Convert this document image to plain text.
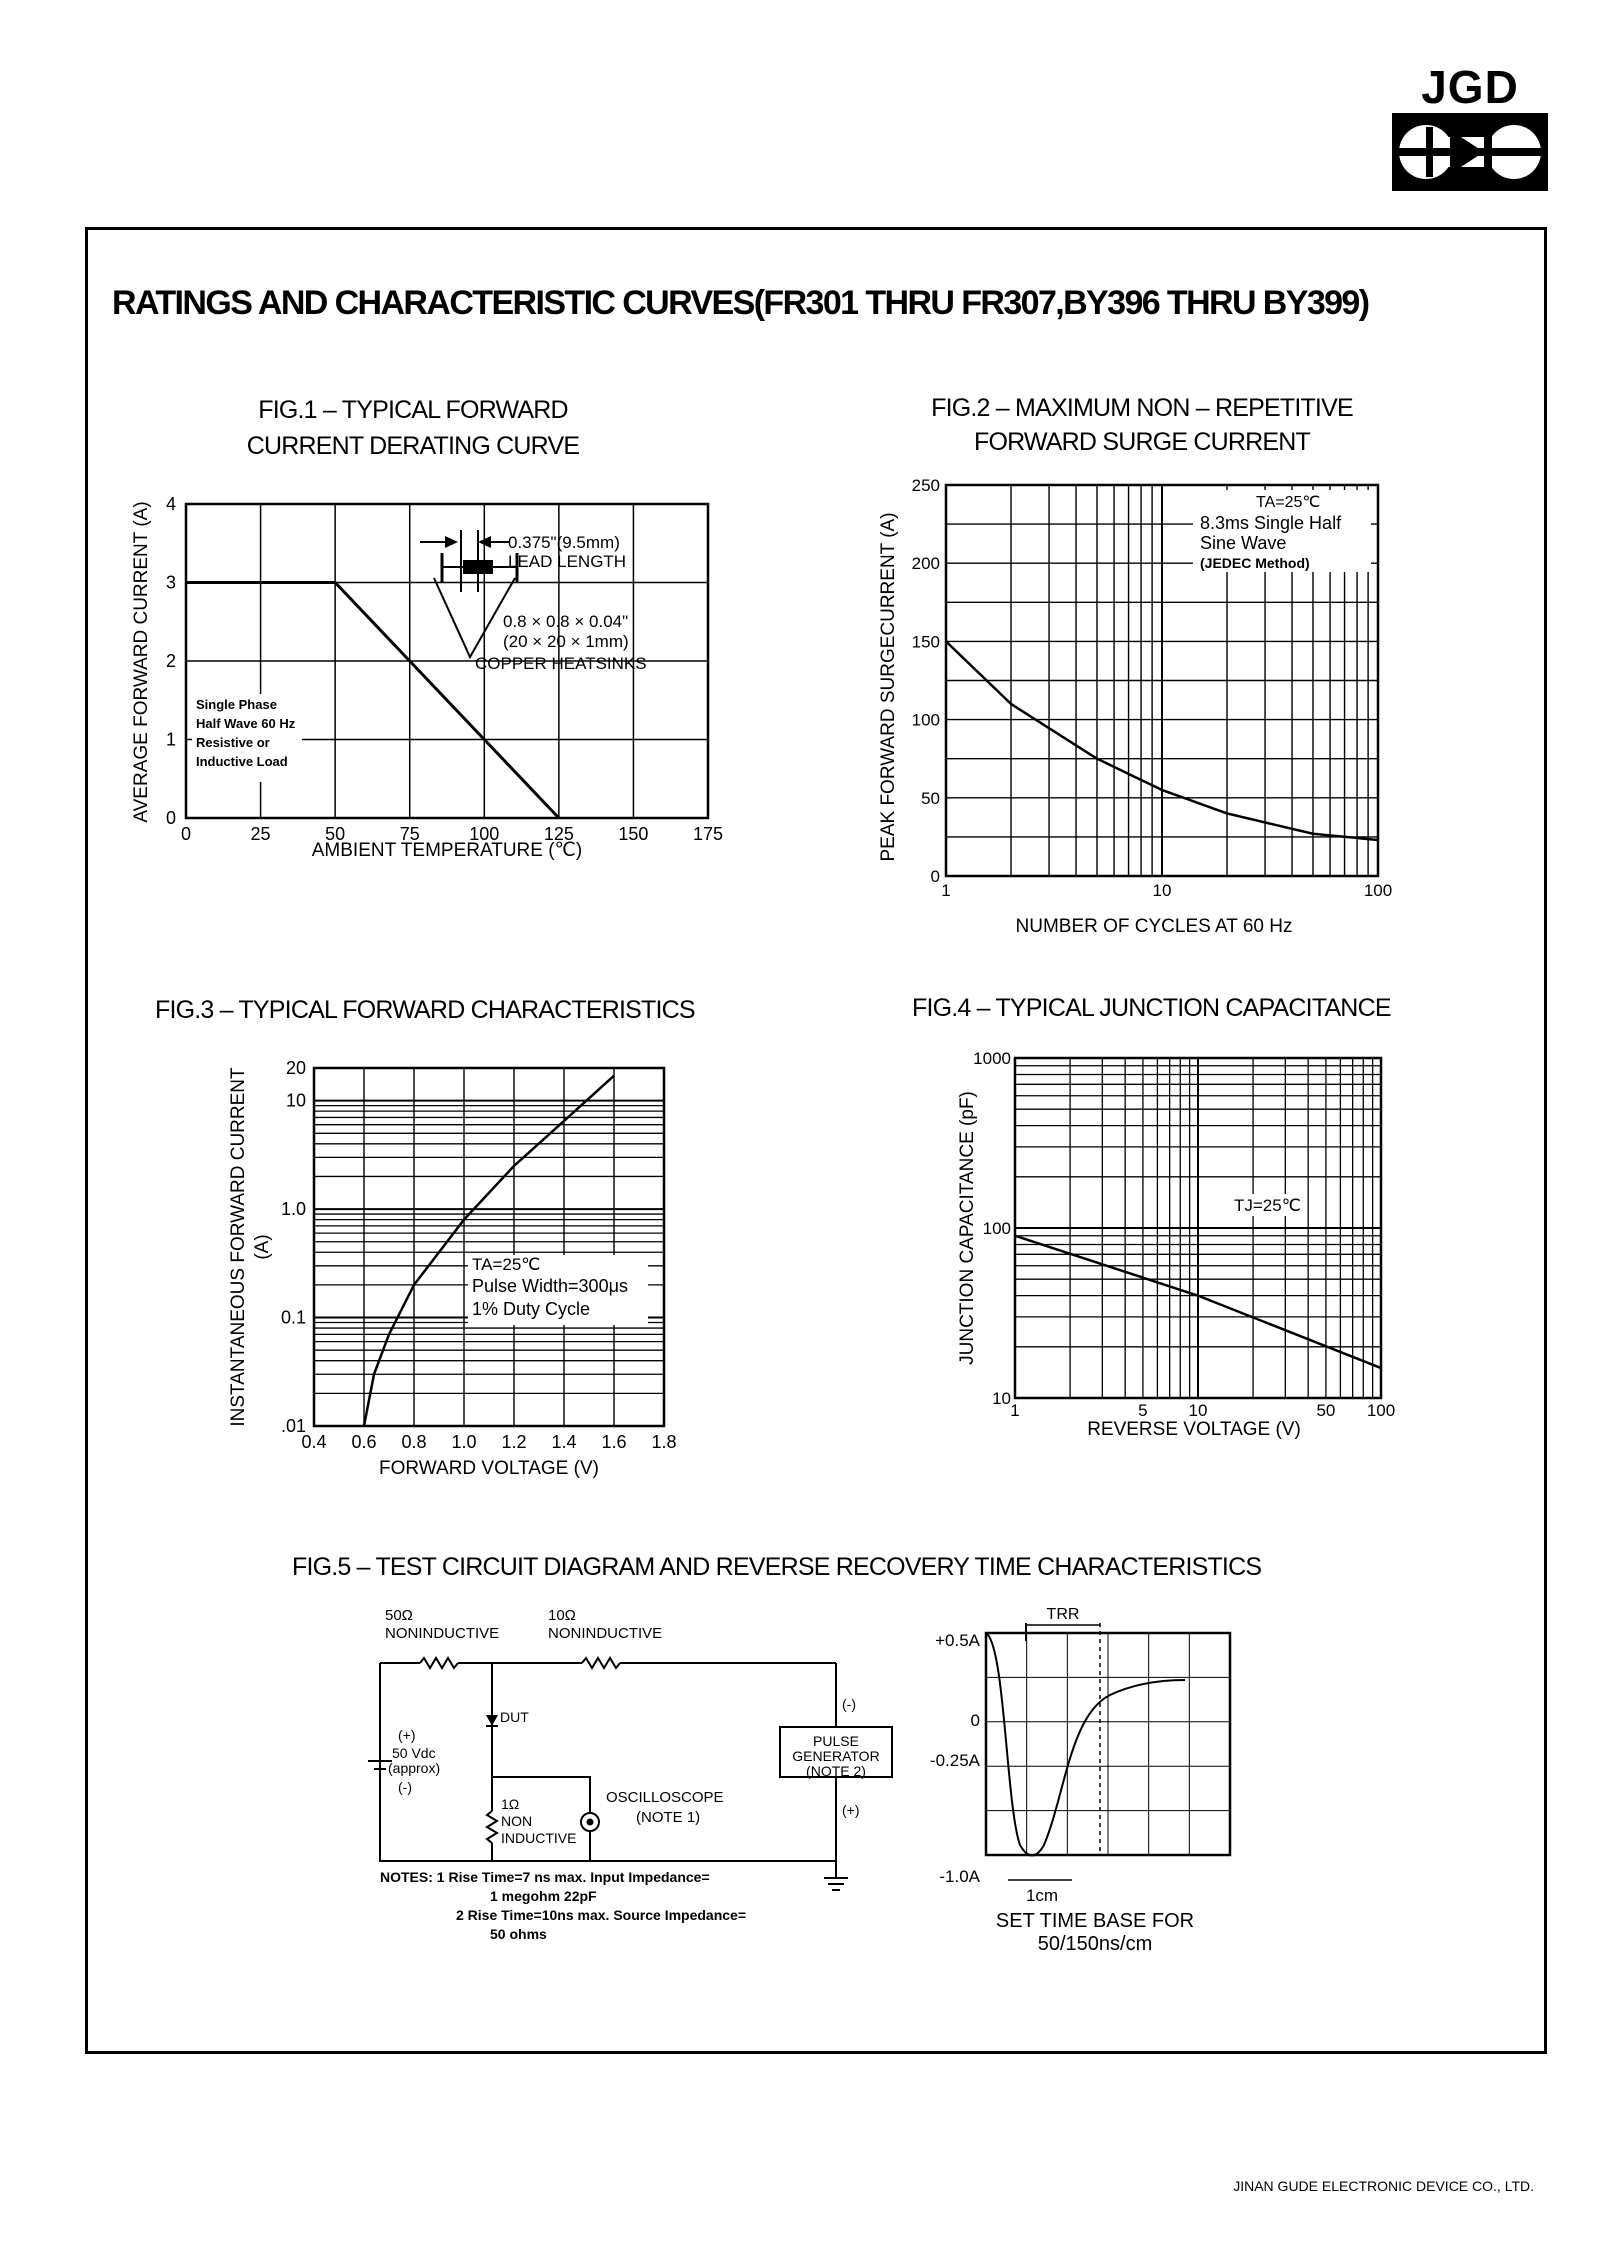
JGD
RATINGS AND CHARACTERISTIC CURVES(FR301 THRU FR307,BY396 THRU BY399)
FIG.1 – TYPICAL FORWARD
CURRENT DERATING CURVE
0	25	50	75	100 125 150 175
0
1
2
3
4
AMBIENT TEMPERATURE (℃)
AVERAGE FORWARD CURRENT (A)	0.375"(9.5mm)
LEAD LENGTH
0.8 × 0.8 × 0.04"
(20 × 20 × 1mm)
COPPER HEATSINKS
Single Phase
Half Wave 60 Hz
Resistive or
Inductive Load
FIG.2 – MAXIMUM NON – REPETITIVE
FORWARD SURGE CURRENT
1	10	100
0
50
100
150
200
250
NUMBER OF CYCLES AT 60 Hz
PEAK FORWARD SURGECURRENT (A)
TA=25℃
8.3ms Single Half
Sine Wave
(JEDEC Method)
FIG.3 – TYPICAL FORWARD CHARACTERISTICS
0.4 0.6 0.8 1.0 1.2 1.4 1.6 1.8
.01
0.1
1.0
10
20
FORWARD VOLTAGE (V)
INSTANTANEOUS FORWARD CURRENT (A)
TA=25℃
Pulse Width=300μs
1% Duty Cycle
FIG.4 – TYPICAL JUNCTION CAPACITANCE
1	5 10	50 100
10
100
1000
REVERSE VOLTAGE (V)
JUNCTION CAPACITANCE (pF)	TJ=25℃
FIG.5 – TEST CIRCUIT DIAGRAM AND REVERSE RECOVERY TIME CHARACTERISTICS
50Ω
NONINDUCTIVE
10Ω
NONINDUCTIVE
DUT
(+)
50 Vdc
(approx)
(-)
1Ω
NON
INDUCTIVE
OSCILLOSCOPE
(NOTE 1)
PULSE
GENERATOR
(NOTE 2)
(-)
(+)
NOTES: 1 Rise Time=7 ns max. Input Impedance=
1 megohm 22pF
2 Rise Time=10ns max. Source Impedance=
50 ohms
TRR
+0.5A
0
-0.25A
-1.0A
1cm
SET TIME BASE FOR
50/150ns/cm
JINAN GUDE ELECTRONIC DEVICE CO., LTD.
